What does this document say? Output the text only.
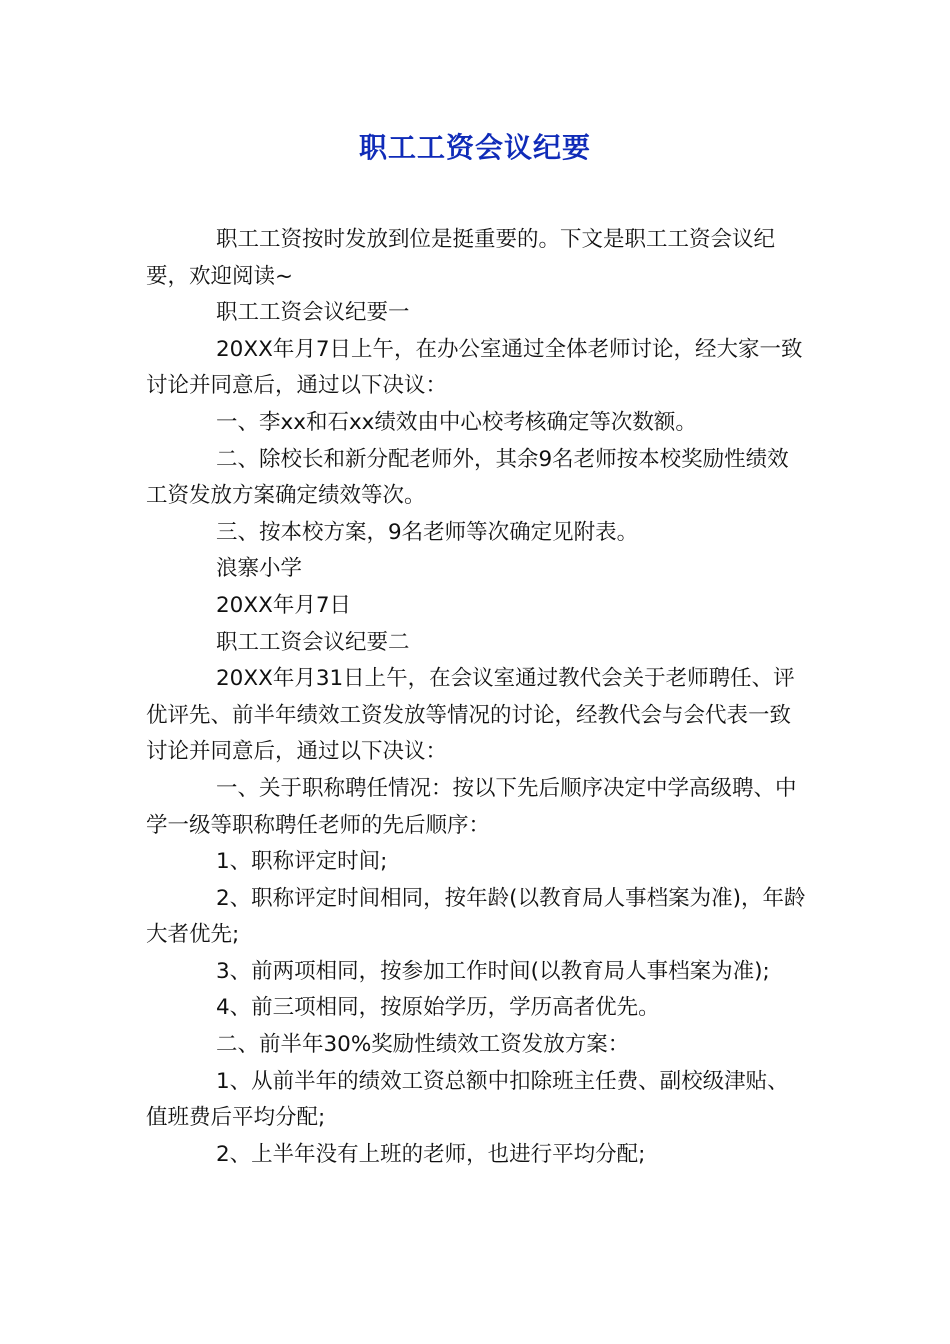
职工工资会议纪要

职工工资按时发放到位是挺重要的。下文是职工工资会议纪要，欢迎阅读~

职工工资会议纪要一

20XX年月7日上午，在办公室通过全体老师讨论，经大家一致讨论并同意后，通过以下决议：

一、李xx和石xx绩效由中心校考核确定等次数额。

二、除校长和新分配老师外，其余9名老师按本校奖励性绩效工资发放方案确定绩效等次。

三、按本校方案，9名老师等次确定见附表。

浪寨小学

20XX年月7日

职工工资会议纪要二

20XX年月31日上午，在会议室通过教代会关于老师聘任、评优评先、前半年绩效工资发放等情况的讨论，经教代会与会代表一致讨论并同意后，通过以下决议：

一、关于职称聘任情况：按以下先后顺序决定中学高级聘、中学一级等职称聘任老师的先后顺序：

1、职称评定时间;

2、职称评定时间相同，按年龄(以教育局人事档案为准)，年龄大者优先;

3、前两项相同，按参加工作时间(以教育局人事档案为准);

4、前三项相同，按原始学历，学历高者优先。

二、前半年30%奖励性绩效工资发放方案：

1、从前半年的绩效工资总额中扣除班主任费、副校级津贴、值班费后平均分配;

2、上半年没有上班的老师，也进行平均分配;
